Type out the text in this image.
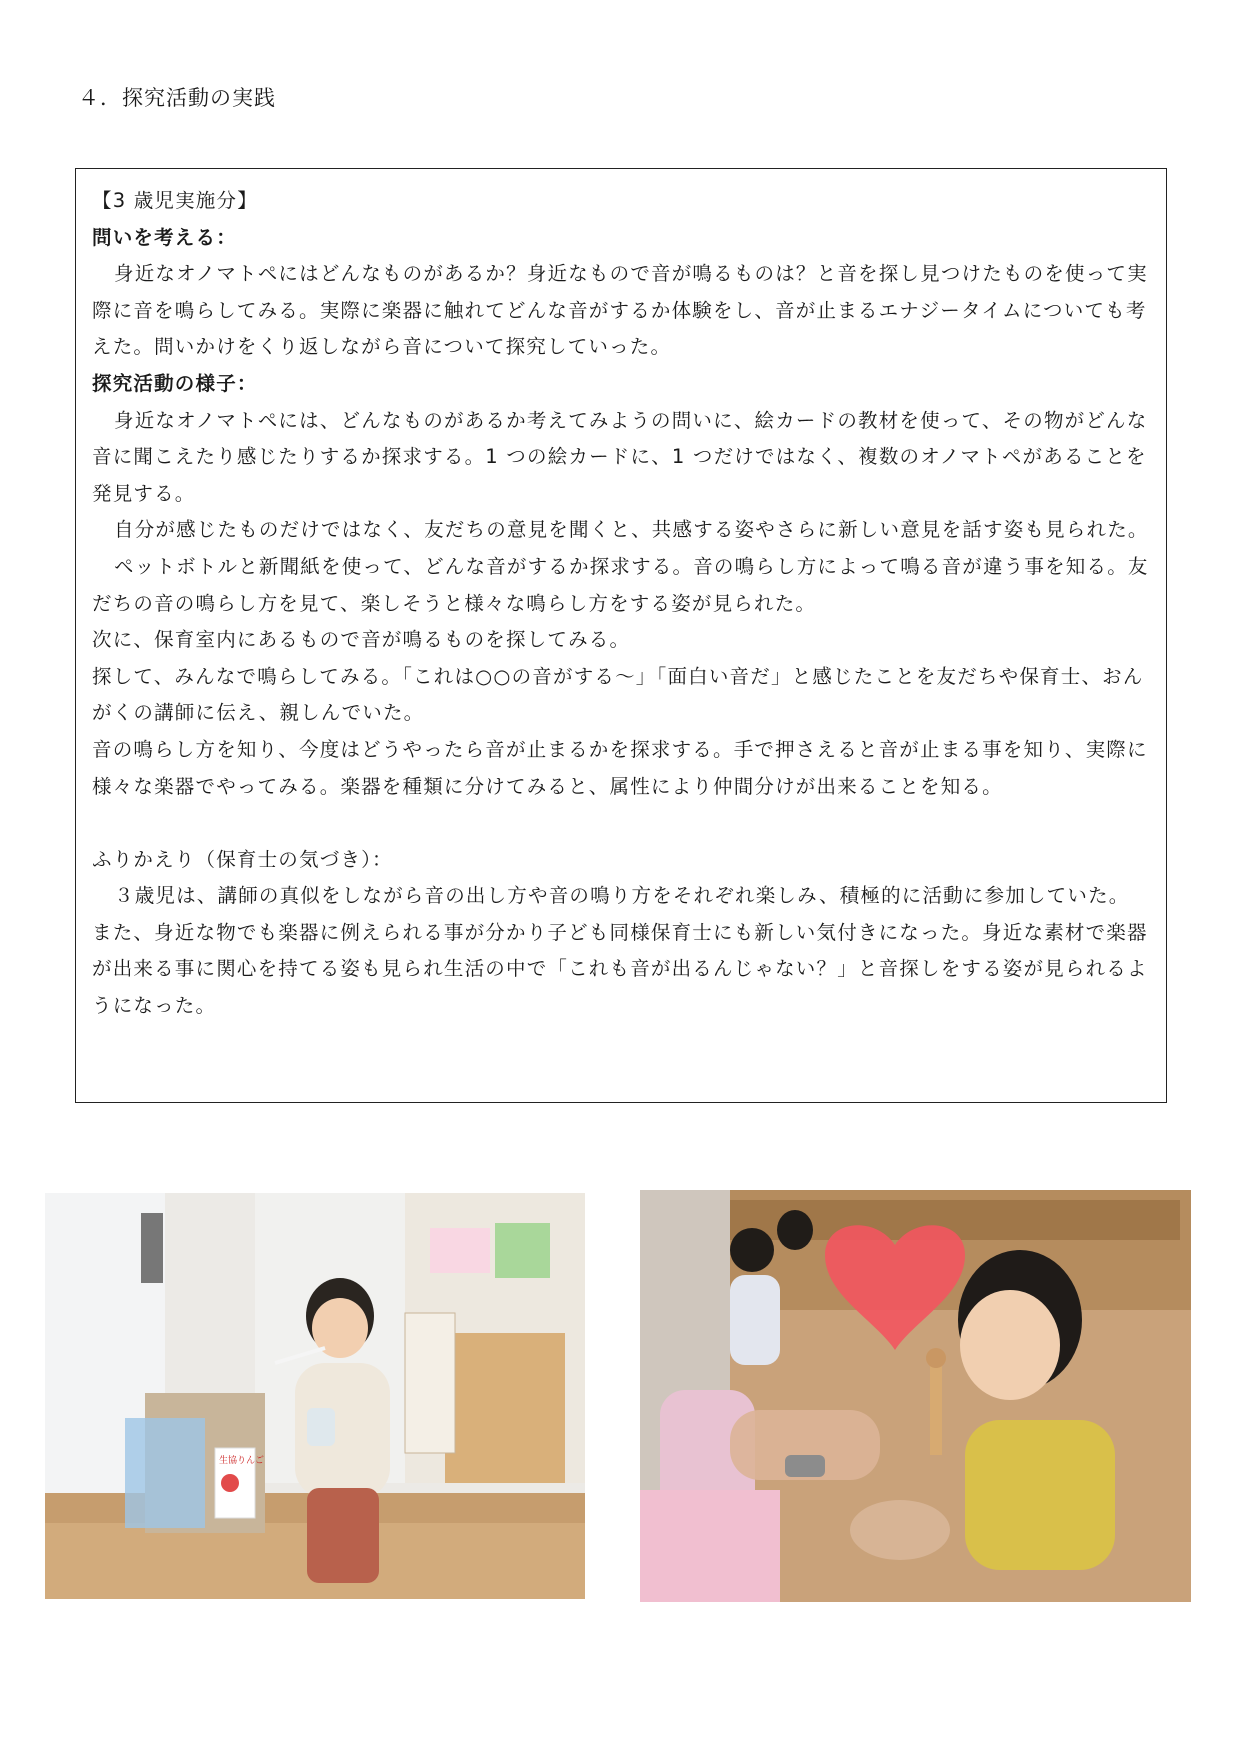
４．探究活動の実践

【3 歳児実施分】

問いを考える：

身近なオノマトペにはどんなものがあるか？身近なもので音が鳴るものは？と音を探し見つけたものを使って実際に音を鳴らしてみる。実際に楽器に触れてどんな音がするか体験をし、音が止まるエナジータイムについても考えた。問いかけをくり返しながら音について探究していった。

探究活動の様子：

身近なオノマトペには、どんなものがあるか考えてみようの問いに、絵カードの教材を使って、その物がどんな音に聞こえたり感じたりするか探求する。1 つの絵カードに、1 つだけではなく、複数のオノマトペがあることを発見する。

自分が感じたものだけではなく、友だちの意見を聞くと、共感する姿やさらに新しい意見を話す姿も見られた。

ペットボトルと新聞紙を使って、どんな音がするか探求する。音の鳴らし方によって鳴る音が違う事を知る。友だちの音の鳴らし方を見て、楽しそうと様々な鳴らし方をする姿が見られた。

次に、保育室内にあるもので音が鳴るものを探してみる。

探して、みんなで鳴らしてみる。「これは○○の音がする～」「面白い音だ」と感じたことを友だちや保育士、おんがくの講師に伝え、親しんでいた。

音の鳴らし方を知り、今度はどうやったら音が止まるかを探求する。手で押さえると音が止まる事を知り、実際に様々な楽器でやってみる。楽器を種類に分けてみると、属性により仲間分けが出来ることを知る。

ふりかえり（保育士の気づき）：

３歳児は、講師の真似をしながら音の出し方や音の鳴り方をそれぞれ楽しみ、積極的に活動に参加していた。また、身近な物でも楽器に例えられる事が分かり子ども同様保育士にも新しい気付きになった。身近な素材で楽器が出来る事に関心を持てる姿も見られ生活の中で「これも音が出るんじゃない？」と音探しをする姿が見られるようになった。

生協りんご
